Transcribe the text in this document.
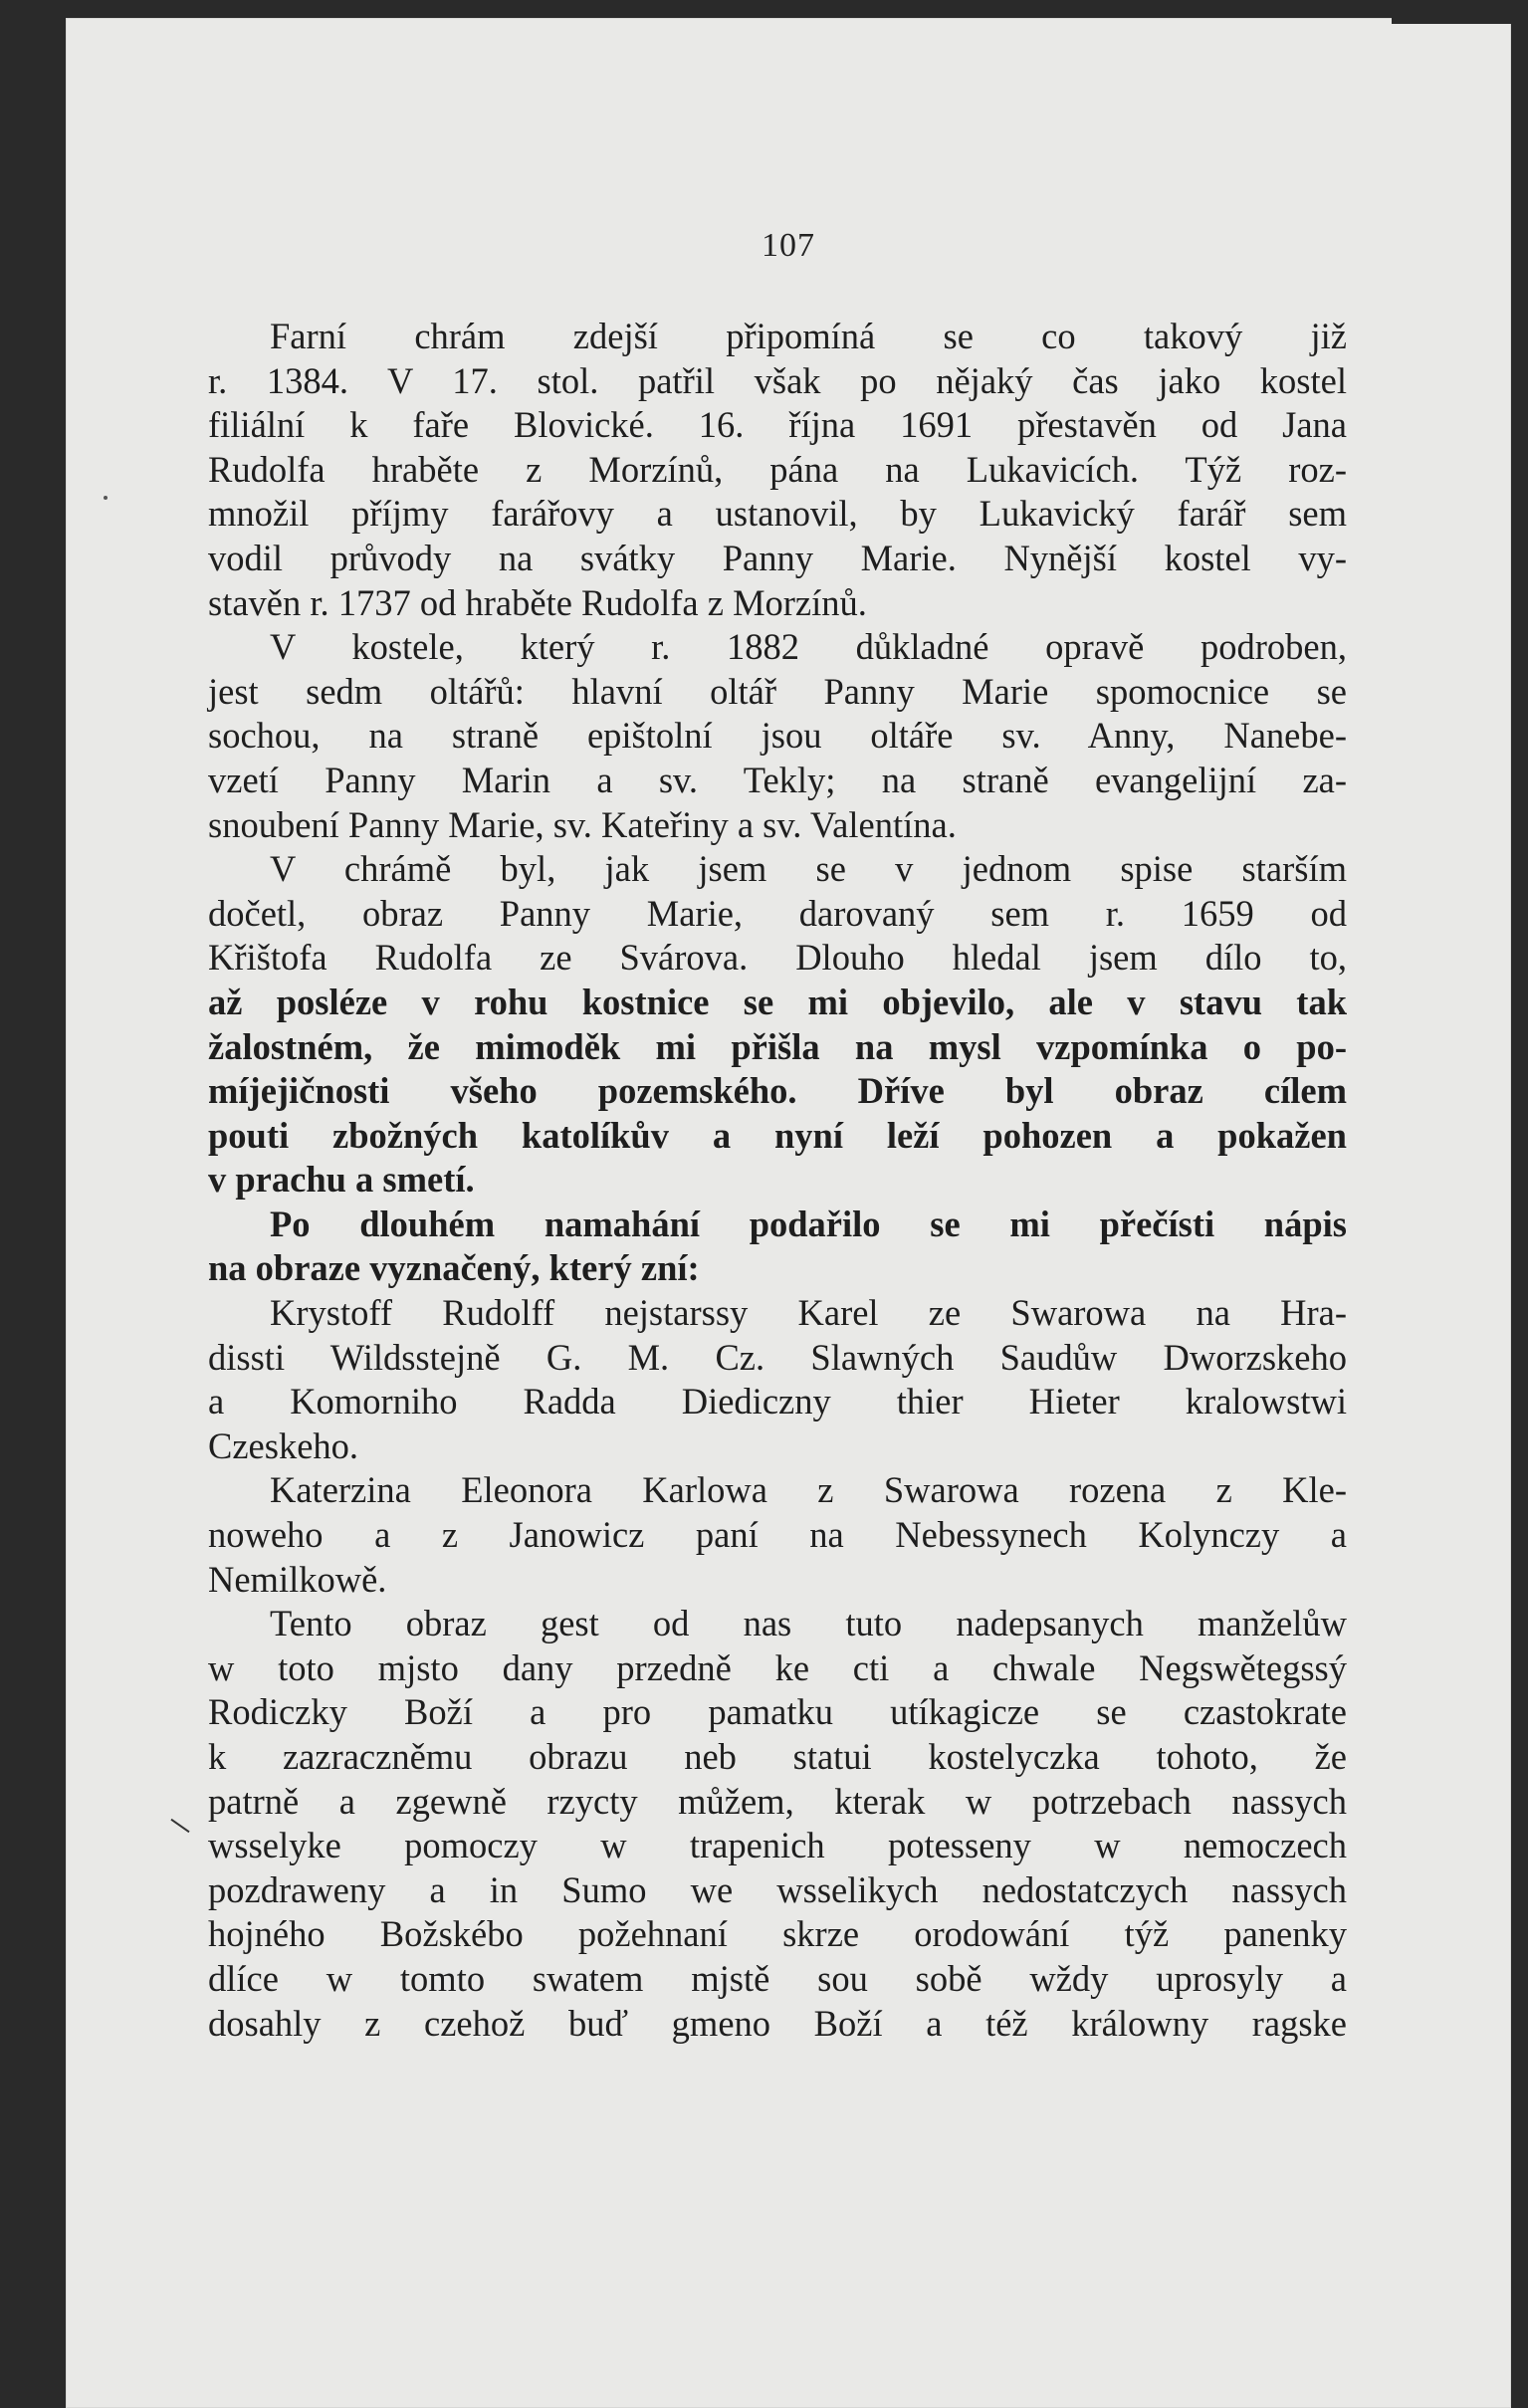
107
Farní chrám zdejší připomíná se co takový již
r. 1384. V 17. stol. patřil však po nějaký čas jako kostel
filiální k faře Blovické. 16. října 1691 přestavěn od Jana
Rudolfa hraběte z Morzínů, pána na Lukavicích. Týž roz-
množil příjmy farářovy a ustanovil, by Lukavický farář sem
vodil průvody na svátky Panny Marie. Nynější kostel vy-
stavěn r. 1737 od hraběte Rudolfa z Morzínů.
V kostele, který r. 1882 důkladné opravě podroben,
jest sedm oltářů: hlavní oltář Panny Marie spomocnice se
sochou, na straně epištolní jsou oltáře sv. Anny, Nanebe-
vzetí Panny Marin a sv. Tekly; na straně evangelijní za-
snoubení Panny Marie, sv. Kateřiny a sv. Valentína.
V chrámě byl, jak jsem se v jednom spise starším
dočetl, obraz Panny Marie, darovaný sem r. 1659 od
Křištofa Rudolfa ze Svárova. Dlouho hledal jsem dílo to,
až posléze v rohu kostnice se mi objevilo, ale v stavu tak
žalostném, že mimoděk mi přišla na mysl vzpomínka o po-
míjejičnosti všeho pozemského. Dříve byl obraz cílem
pouti zbožných katolíkův a nyní leží pohozen a pokažen
v prachu a smetí.
Po dlouhém namahání podařilo se mi přečísti nápis
na obraze vyznačený, který zní:
Krystoff Rudolff nejstarssy Karel ze Swarowa na Hra-
dissti Wildsstejně G. M. Cz. Slawných Saudůw Dworzskeho
a Komorniho Radda Diediczny thier Hieter kralowstwi
Czeskeho.
Katerzina Eleonora Karlowa z Swarowa rozena z Kle-
noweho a z Janowicz paní na Nebessynech Kolynczy a
Nemilkowě.
Tento obraz gest od nas tuto nadepsanych manželůw
w toto mjsto dany przedně ke cti a chwale Negswětegssý
Rodiczky Boží a pro pamatku utíkagicze se czastokrate
k zazraczněmu obrazu neb statui kostelyczka tohoto, že
patrně a zgewně rzycty můžem, kterak w potrzebach nassych
wsselyke pomoczy w trapenich potesseny w nemoczech
pozdraweny a in Sumo we wsselikych nedostatczych nassych
hojného Božskébo požehnaní skrze orodowání týž panenky
dlíce w tomto swatem mjstě sou sobě wždy uprosyly a
dosahly z czehož buď gmeno Boží a též králowny ragske
